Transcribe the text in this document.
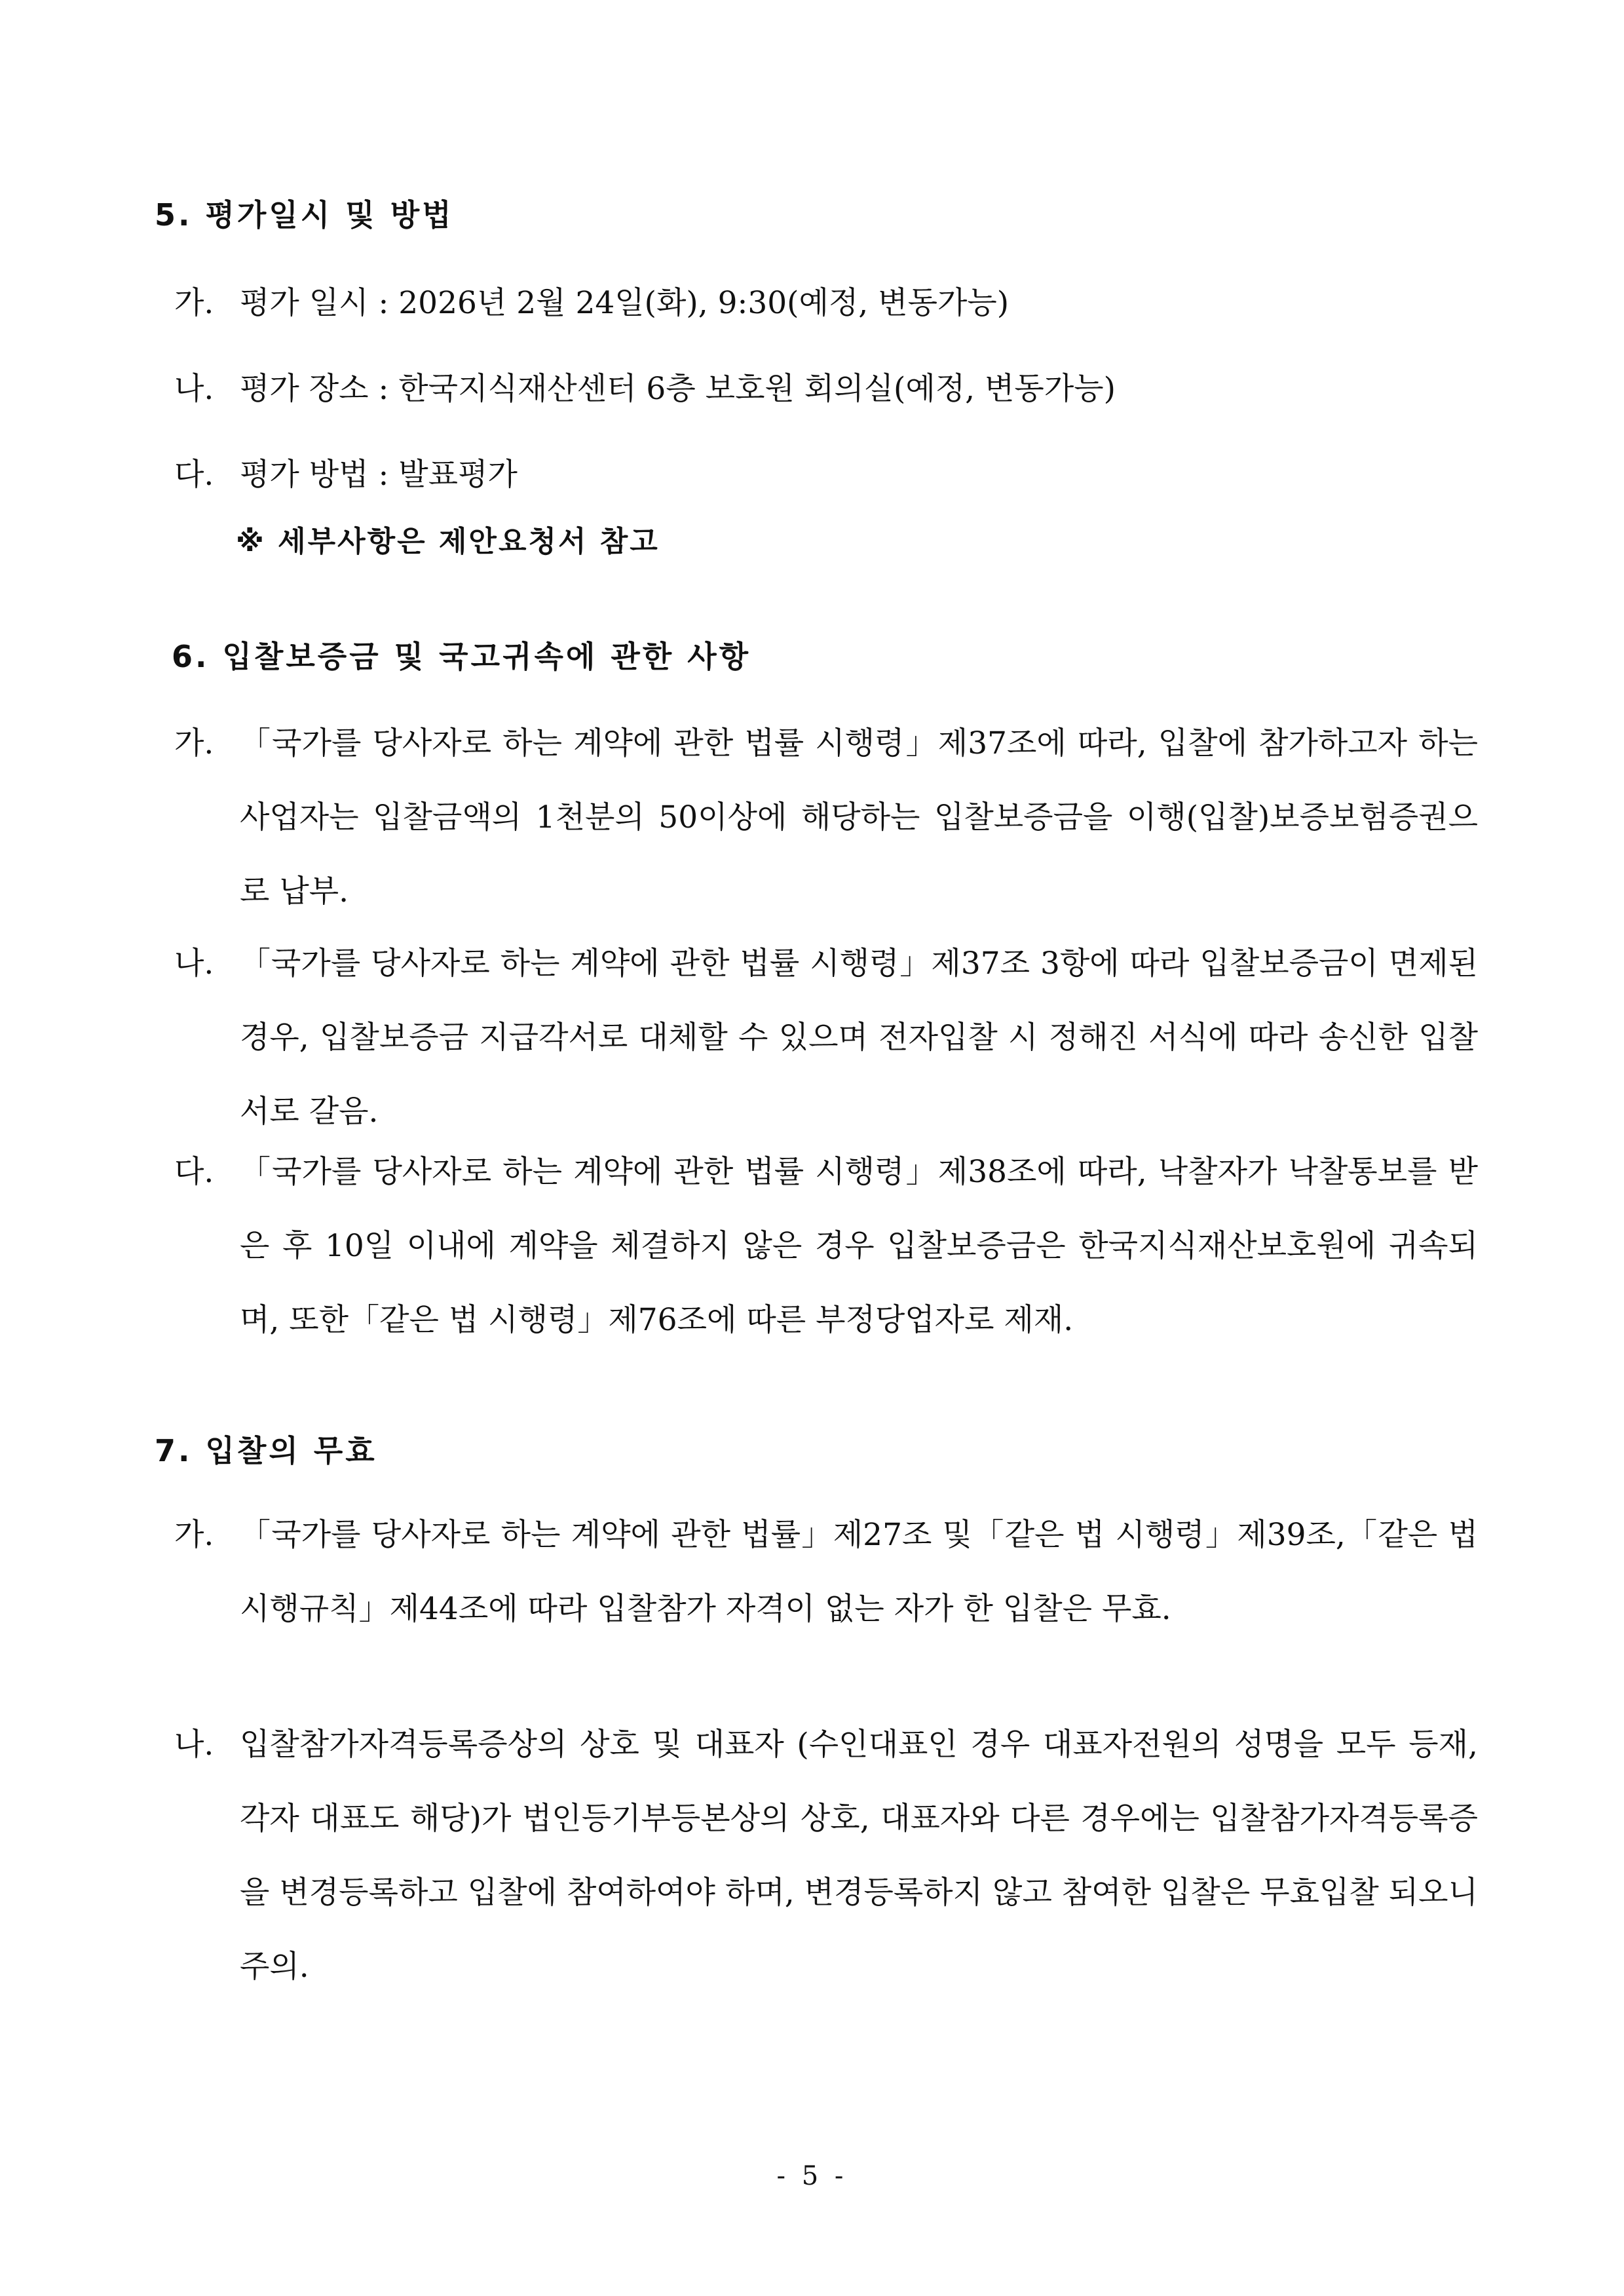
5. 평가일시 및 방법
가. 평가 일시 : 2026년 2월 24일(화), 9:30(예정, 변동가능)
나. 평가 장소 : 한국지식재산센터 6층 보호원 회의실(예정, 변동가능)
다. 평가 방법 : 발표평가
※ 세부사항은 제안요청서 참고
6. 입찰보증금 및 국고귀속에 관한 사항
가. 「국가를 당사자로 하는 계약에 관한 법률 시행령」제37조에 따라, 입찰에 참가하고자 하는 사업자는 입찰금액의 1천분의 50이상에 해당하는 입찰보증금을 이행(입찰)보증보험증권으로 납부.
나. 「국가를 당사자로 하는 계약에 관한 법률 시행령」제37조 3항에 따라 입찰보증금이 면제된 경우, 입찰보증금 지급각서로 대체할 수 있으며 전자입찰 시 정해진 서식에 따라 송신한 입찰서로 갈음.
다. 「국가를 당사자로 하는 계약에 관한 법률 시행령」제38조에 따라, 낙찰자가 낙찰통보를 받은 후 10일 이내에 계약을 체결하지 않은 경우 입찰보증금은 한국지식재산보호원에 귀속되며, 또한「같은 법 시행령」제76조에 따른 부정당업자로 제재.
7. 입찰의 무효
가. 「국가를 당사자로 하는 계약에 관한 법률」제27조 및「같은 법 시행령」제39조,「같은 법 시행규칙」제44조에 따라 입찰참가 자격이 없는 자가 한 입찰은 무효.
나. 입찰참가자격등록증상의 상호 및 대표자 (수인대표인 경우 대표자전원의 성명을 모두 등재, 각자 대표도 해당)가 법인등기부등본상의 상호, 대표자와 다른 경우에는 입찰참가자격등록증을 변경등록하고 입찰에 참여하여야 하며, 변경등록하지 않고 참여한 입찰은 무효입찰 되오니 주의.
- 5 -
